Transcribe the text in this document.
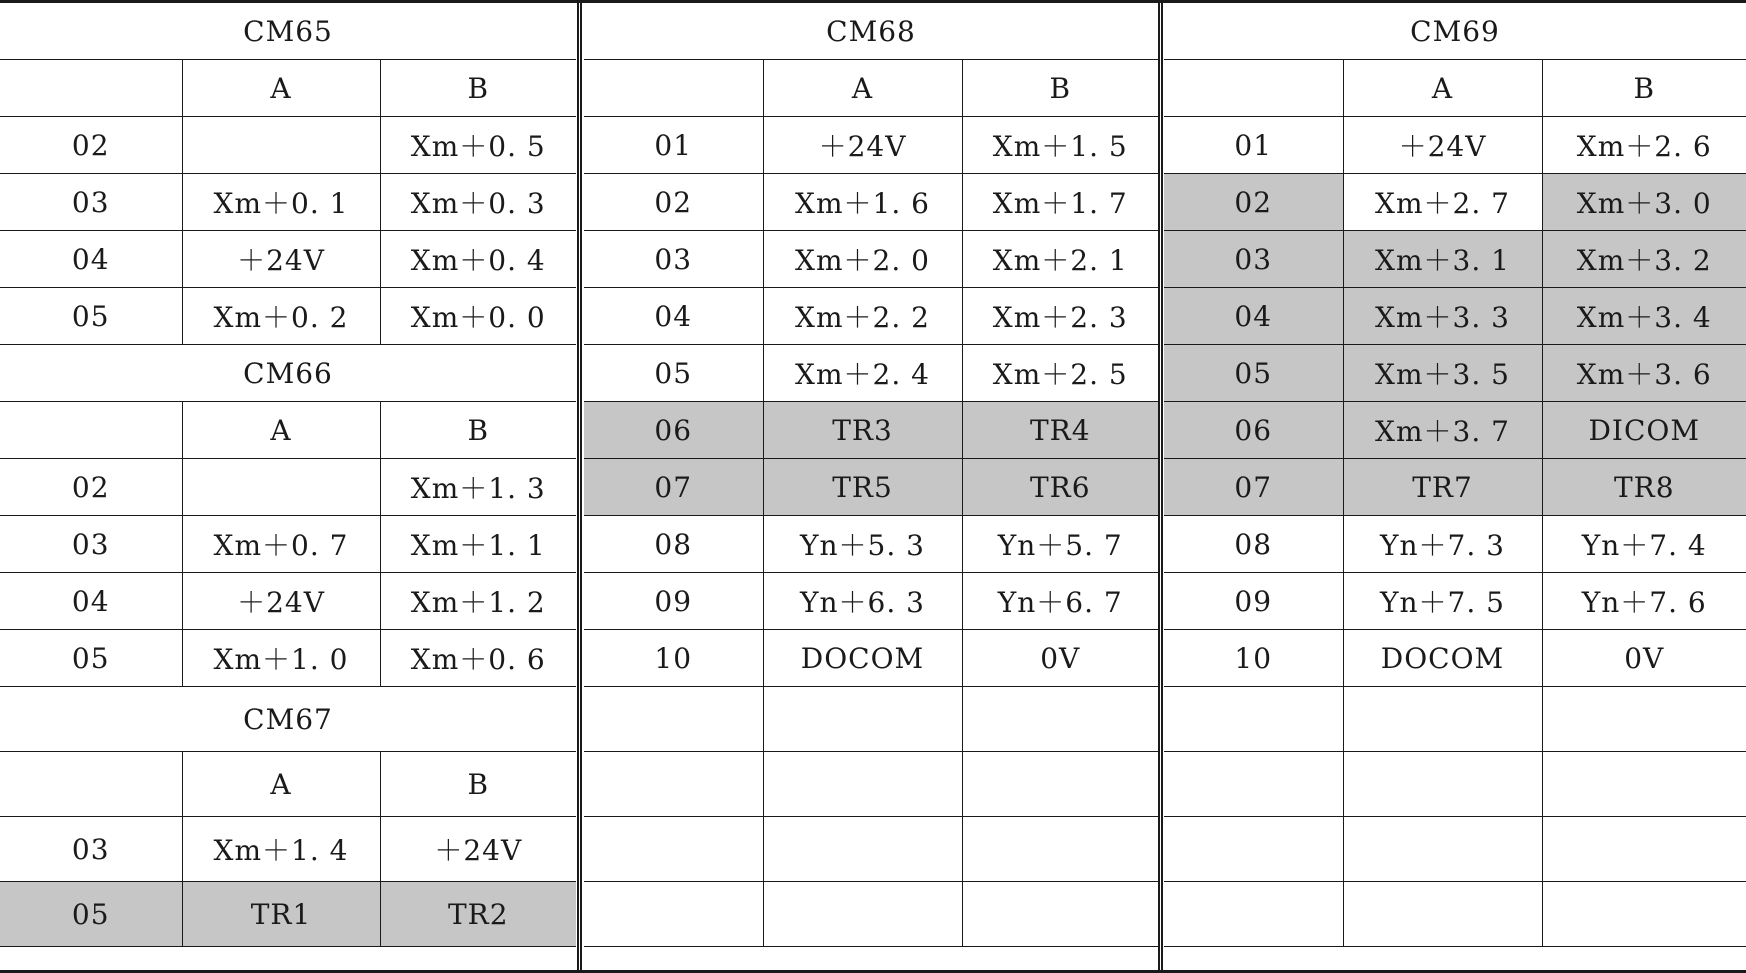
CM65		
	A	B
02		Xm＋0. 5
03	Xm＋0. 1	Xm＋0. 3
04	＋24V	Xm＋0. 4
05	Xm＋0. 2	Xm＋0. 0
CM66		
	A	B
02		Xm＋1. 3
03	Xm＋0. 7	Xm＋1. 1
04	＋24V	Xm＋1. 2
05	Xm＋1. 0	Xm＋0. 6
CM67		
	A	B
03	Xm＋1. 4	＋24V
05	TR1	TR2
CM68		
	A	B
01	＋24V	Xm＋1. 5
02	Xm＋1. 6	Xm＋1. 7
03	Xm＋2. 0	Xm＋2. 1
04	Xm＋2. 2	Xm＋2. 3
05	Xm＋2. 4	Xm＋2. 5
06	TR3	TR4
07	TR5	TR6
08	Yn＋5. 3	Yn＋5. 7
09	Yn＋6. 3	Yn＋6. 7
10	DOCOM	0V

CM69		
	A	B
01	＋24V	Xm＋2. 6
02	Xm＋2. 7	Xm＋3. 0
03	Xm＋3. 1	Xm＋3. 2
04	Xm＋3. 3	Xm＋3. 4
05	Xm＋3. 5	Xm＋3. 6
06	Xm＋3. 7	DICOM
07	TR7	TR8
08	Yn＋7. 3	Yn＋7. 4
09	Yn＋7. 5	Yn＋7. 6
10	DOCOM	0V
